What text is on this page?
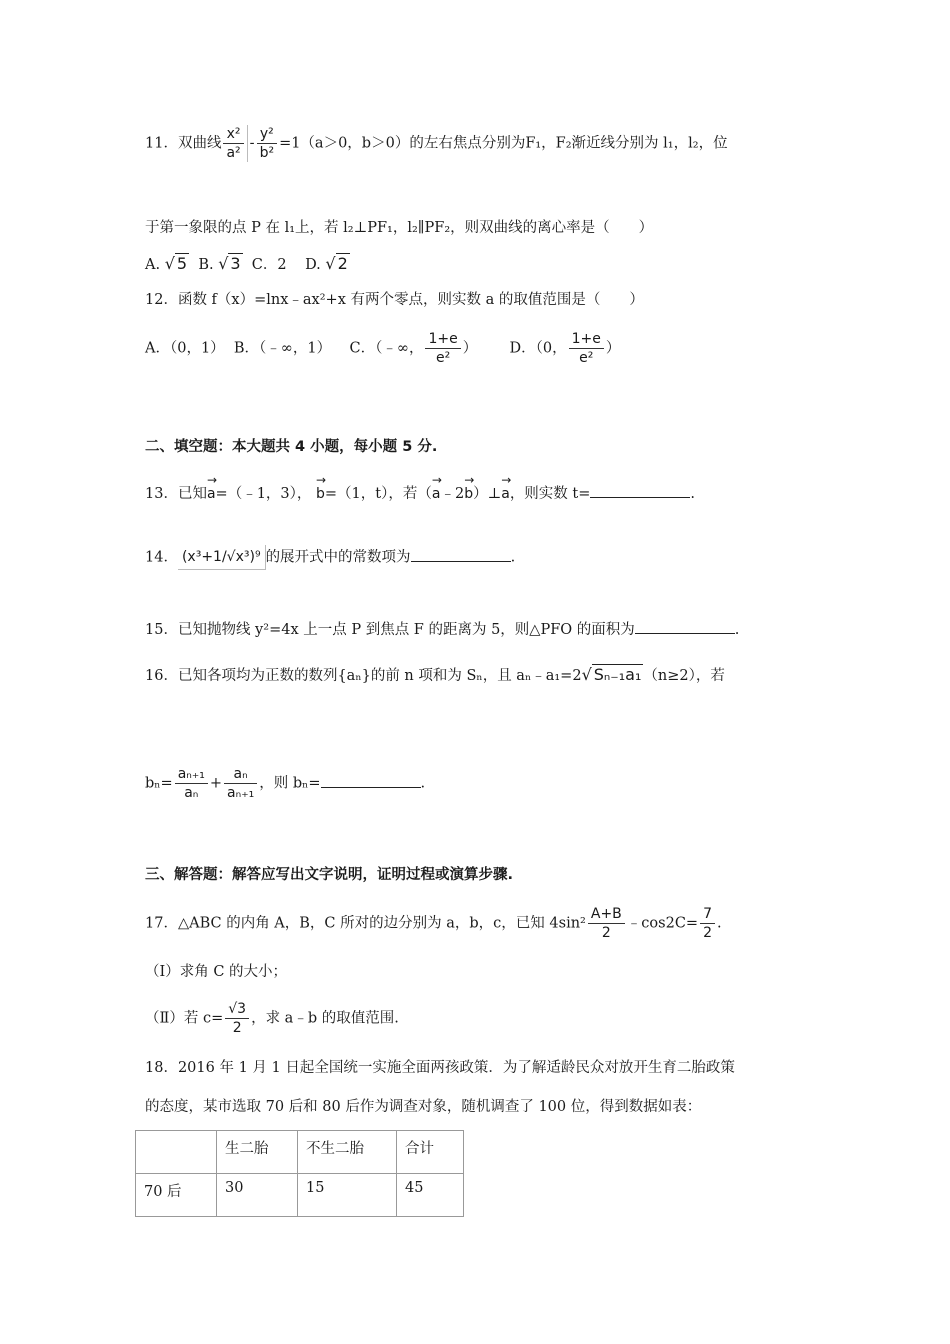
11．双曲线 $\frac{\text{x²}}{\text{a²}} - \frac{\text{y²}}{\text{b²}} =1(a>0$，b＞0）的左右焦点分别为F₁，F₂渐近线分别为 l₁，l₂，位
于第一象限的点 P 在 l₁上，若 l₂⊥PF₁，l₂∥PF₂，则双曲线的离心率是（　　）
A. √ 5 B. √ 3 C．2 D. √ 2
12．函数 f（x）=lnx﹣ax²+x 有两个零点，则实数 a 的取值范围是（　　）
A．（0，1） B．（﹣∞，1） C．（﹣∞， $\frac{1+e}{\text{e²}}$ ） D．（0， $\frac{1+e}{\text{e²}}$ ）
二、填空题：本大题共 4 小题，每小题 5 分.
13．已知→ a=（﹣1，3）， → b=（1，t），若（→ a﹣2→ b）⊥→ a，则实数 t=	.
14． (x³+1/√x³)⁹ 的展开式中的常数项为	.
15．已知抛物线 y²=4x 上一点 P 到焦点 F 的距离为 5，则△PFO 的面积为	.
16．已知各项均为正数的数列{aₙ}的前 n 项和为 Sₙ，且 aₙ﹣a₁=2√ Sₙ₋₁a₁ （n≥2），若
$b_n= \frac{\text{aₙ₊₁}}{\text{aₙ}} + \frac{\text{aₙ}}{\text{aₙ₊₁}}$ ，则 bₙ=	.
三、解答题：解答应写出文字说明，证明过程或演算步骤.
17．△ABC 的内角 A，B，C 所对的边分别为 a，b，c，已知 $4\sin^2 \frac{A+B}{2}$ ﹣cos2C= $\frac{7}{2}$ .
（Ⅰ）求角 C 的大小；
（Ⅱ）若 $c= \frac{√3}{2}$ ，求 a﹣b 的取值范围.
18．2016 年 1 月 1 日起全国统一实施全面两孩政策．为了解适龄民众对放开生育二胎政策
的态度，某市选取 70 后和 80 后作为调查对象，随机调查了 100 位，得到数据如表：
	生二胎	不生二胎	合计
70 后	30	15	45
